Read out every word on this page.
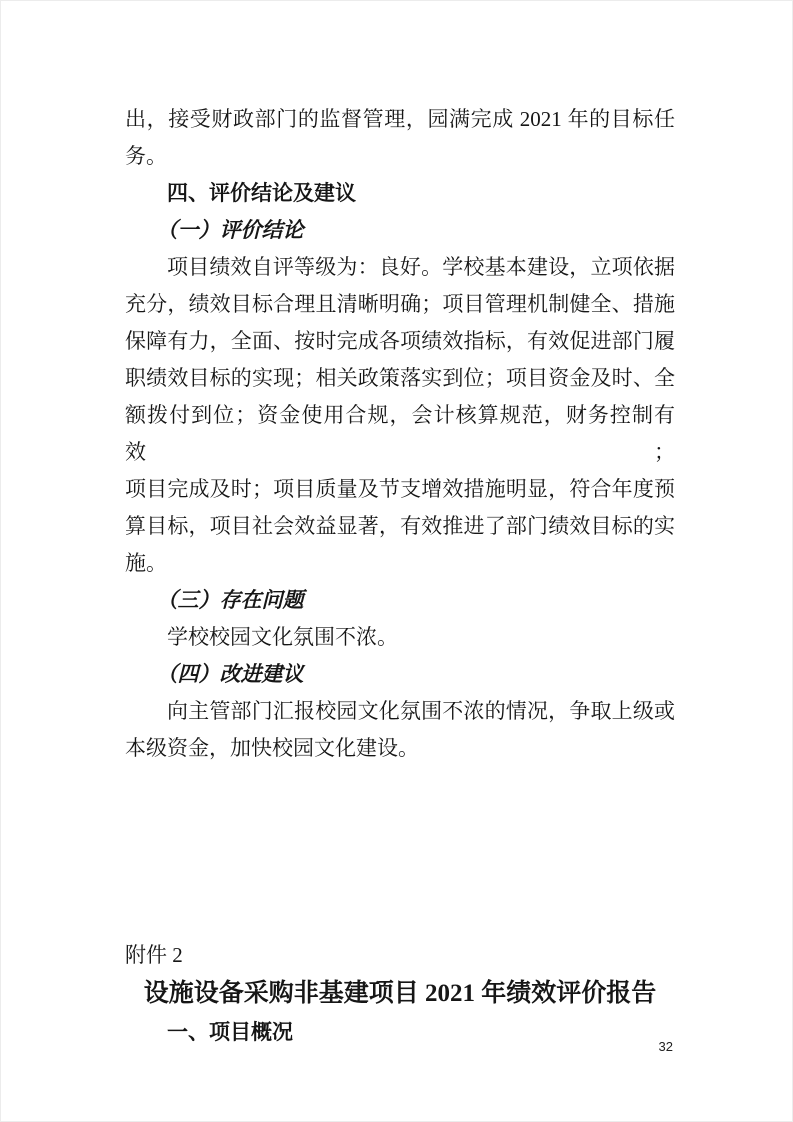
出，接受财政部门的监督管理，园满完成 2021 年的目标任
务。
四、评价结论及建议
（一）评价结论
项目绩效自评等级为：良好。学校基本建设，立项依据
充分，绩效目标合理且清晰明确；项目管理机制健全、措施
保障有力，全面、按时完成各项绩效指标，有效促进部门履
职绩效目标的实现；相关政策落实到位；项目资金及时、全
额拨付到位；资金使用合规，会计核算规范，财务控制有效；
项目完成及时；项目质量及节支增效措施明显，符合年度预
算目标，项目社会效益显著，有效推进了部门绩效目标的实
施。
（三）存在问题
学校校园文化氛围不浓。
（四）改进建议
向主管部门汇报校园文化氛围不浓的情况，争取上级或
本级资金，加快校园文化建设。
附件 2
设施设备采购非基建项目 2021 年绩效评价报告
一、项目概况
32
